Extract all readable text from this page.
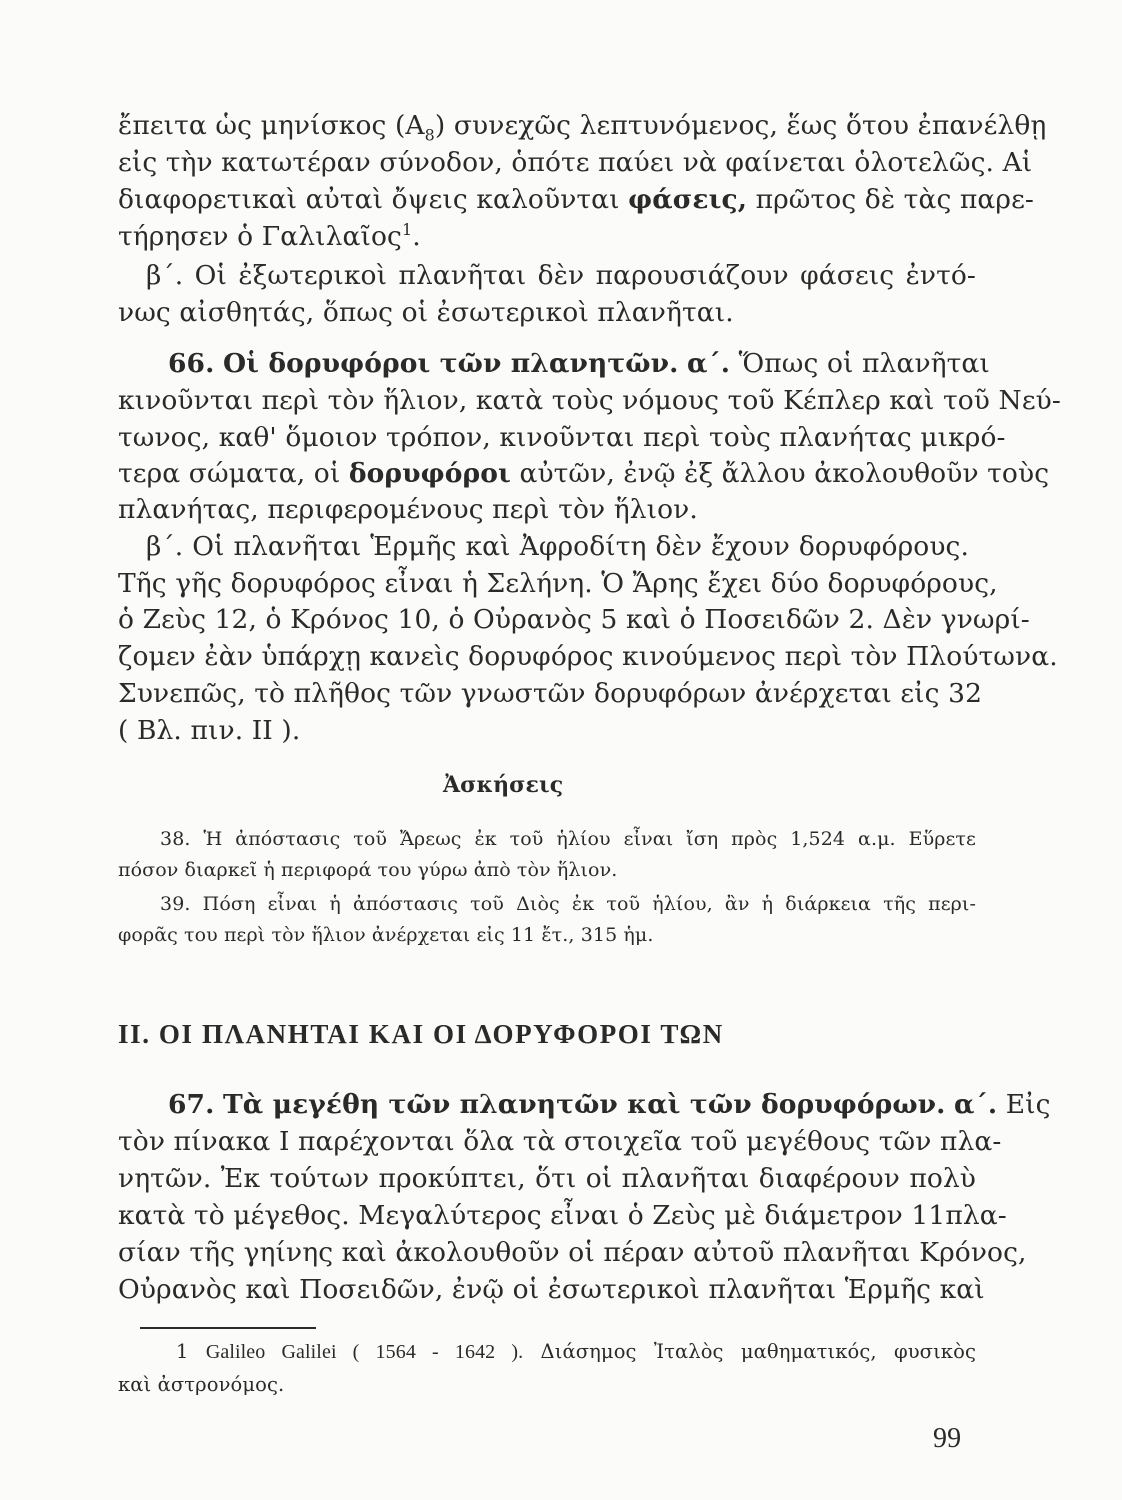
ἔπειτα ὡς μηνίσκος $(A_8)$ συνεχῶς λεπτυνόμενος, ἕως ὅτου ἐπανέλθῃ
εἰς τὴν κατωτέραν σύνοδον, ὁπότε παύει νὰ φαίνεται ὁλοτελῶς. Αἱ
διαφορετικαὶ αὐταὶ ὄψεις καλοῦνται φάσεις, πρῶτος δὲ τὰς παρε-
τήρησεν ὁ Γαλιλαῖος$^1$.
β΄. Οἱ ἐξωτερικοὶ πλανῆται δὲν παρουσιάζουν φάσεις ἐντό-
νως αἰσθητάς, ὅπως οἱ ἐσωτερικοὶ πλανῆται.
66. Οἱ δορυφόροι τῶν πλανητῶν. α΄. Ὅπως οἱ πλανῆται
κινοῦνται περὶ τὸν ἥλιον, κατὰ τοὺς νόμους τοῦ Κέπλερ καὶ τοῦ Νεύ-
τωνος, καθ' ὅμοιον τρόπον, κινοῦνται περὶ τοὺς πλανήτας μικρό-
τερα σώματα, οἱ δορυφόροι αὐτῶν, ἐνῷ ἐξ ἄλλου ἀκολουθοῦν τοὺς
πλανήτας, περιφερομένους περὶ τὸν ἥλιον.
β΄. Οἱ πλανῆται Ἑρμῆς καὶ Ἀφροδίτη δὲν ἔχουν δορυφόρους.
Τῆς γῆς δορυφόρος εἶναι ἡ Σελήνη. Ὁ Ἄρης ἔχει δύο δορυφόρους,
ὁ Ζεὺς 12, ὁ Κρόνος 10, ὁ Οὐρανὸς 5 καὶ ὁ Ποσειδῶν 2. Δὲν γνωρί-
ζομεν ἐὰν ὑπάρχῃ κανεὶς δορυφόρος κινούμενος περὶ τὸν Πλούτωνα.
Συνεπῶς, τὸ πλῆθος τῶν γνωστῶν δορυφόρων ἀνέρχεται εἰς 32
( Βλ. πιν. II ).
Ἀσκήσεις
38. Ἡ ἀπόστασις τοῦ Ἄρεως ἐκ τοῦ ἡλίου εἶναι ἴση πρὸς 1,524 α.μ. Εὕρετε
πόσον διαρκεῖ ἡ περιφορά του γύρω ἀπὸ τὸν ἥλιον.
39. Πόση εἶναι ἡ ἀπόστασις τοῦ Διὸς ἐκ τοῦ ἡλίου, ἂν ἡ διάρκεια τῆς περι-
φορᾶς του περὶ τὸν ἥλιον ἀνέρχεται εἰς 11 ἔτ., 315 ἡμ.
II. ΟΙ ΠΛΑΝΗΤΑΙ ΚΑΙ ΟΙ ΔΟΡΥΦΟΡΟΙ ΤΩΝ
67. Τὰ μεγέθη τῶν πλανητῶν καὶ τῶν δορυφόρων. α΄. Εἰς
τὸν πίνακα I παρέχονται ὅλα τὰ στοιχεῖα τοῦ μεγέθους τῶν πλα-
νητῶν. Ἐκ τούτων προκύπτει, ὅτι οἱ πλανῆται διαφέρουν πολὺ
κατὰ τὸ μέγεθος. Μεγαλύτερος εἶναι ὁ Ζεὺς μὲ διάμετρον 11πλα-
σίαν τῆς γηίνης καὶ ἀκολουθοῦν οἱ πέραν αὐτοῦ πλανῆται Κρόνος,
Οὐρανὸς καὶ Ποσειδῶν, ἐνῷ οἱ ἐσωτερικοὶ πλανῆται Ἑρμῆς καὶ
1 Galileo Galilei ( 1564 - 1642 ). Διάσημος Ἰταλὸς μαθηματικός, φυσικὸς
καὶ ἀστρονόμος.
99
